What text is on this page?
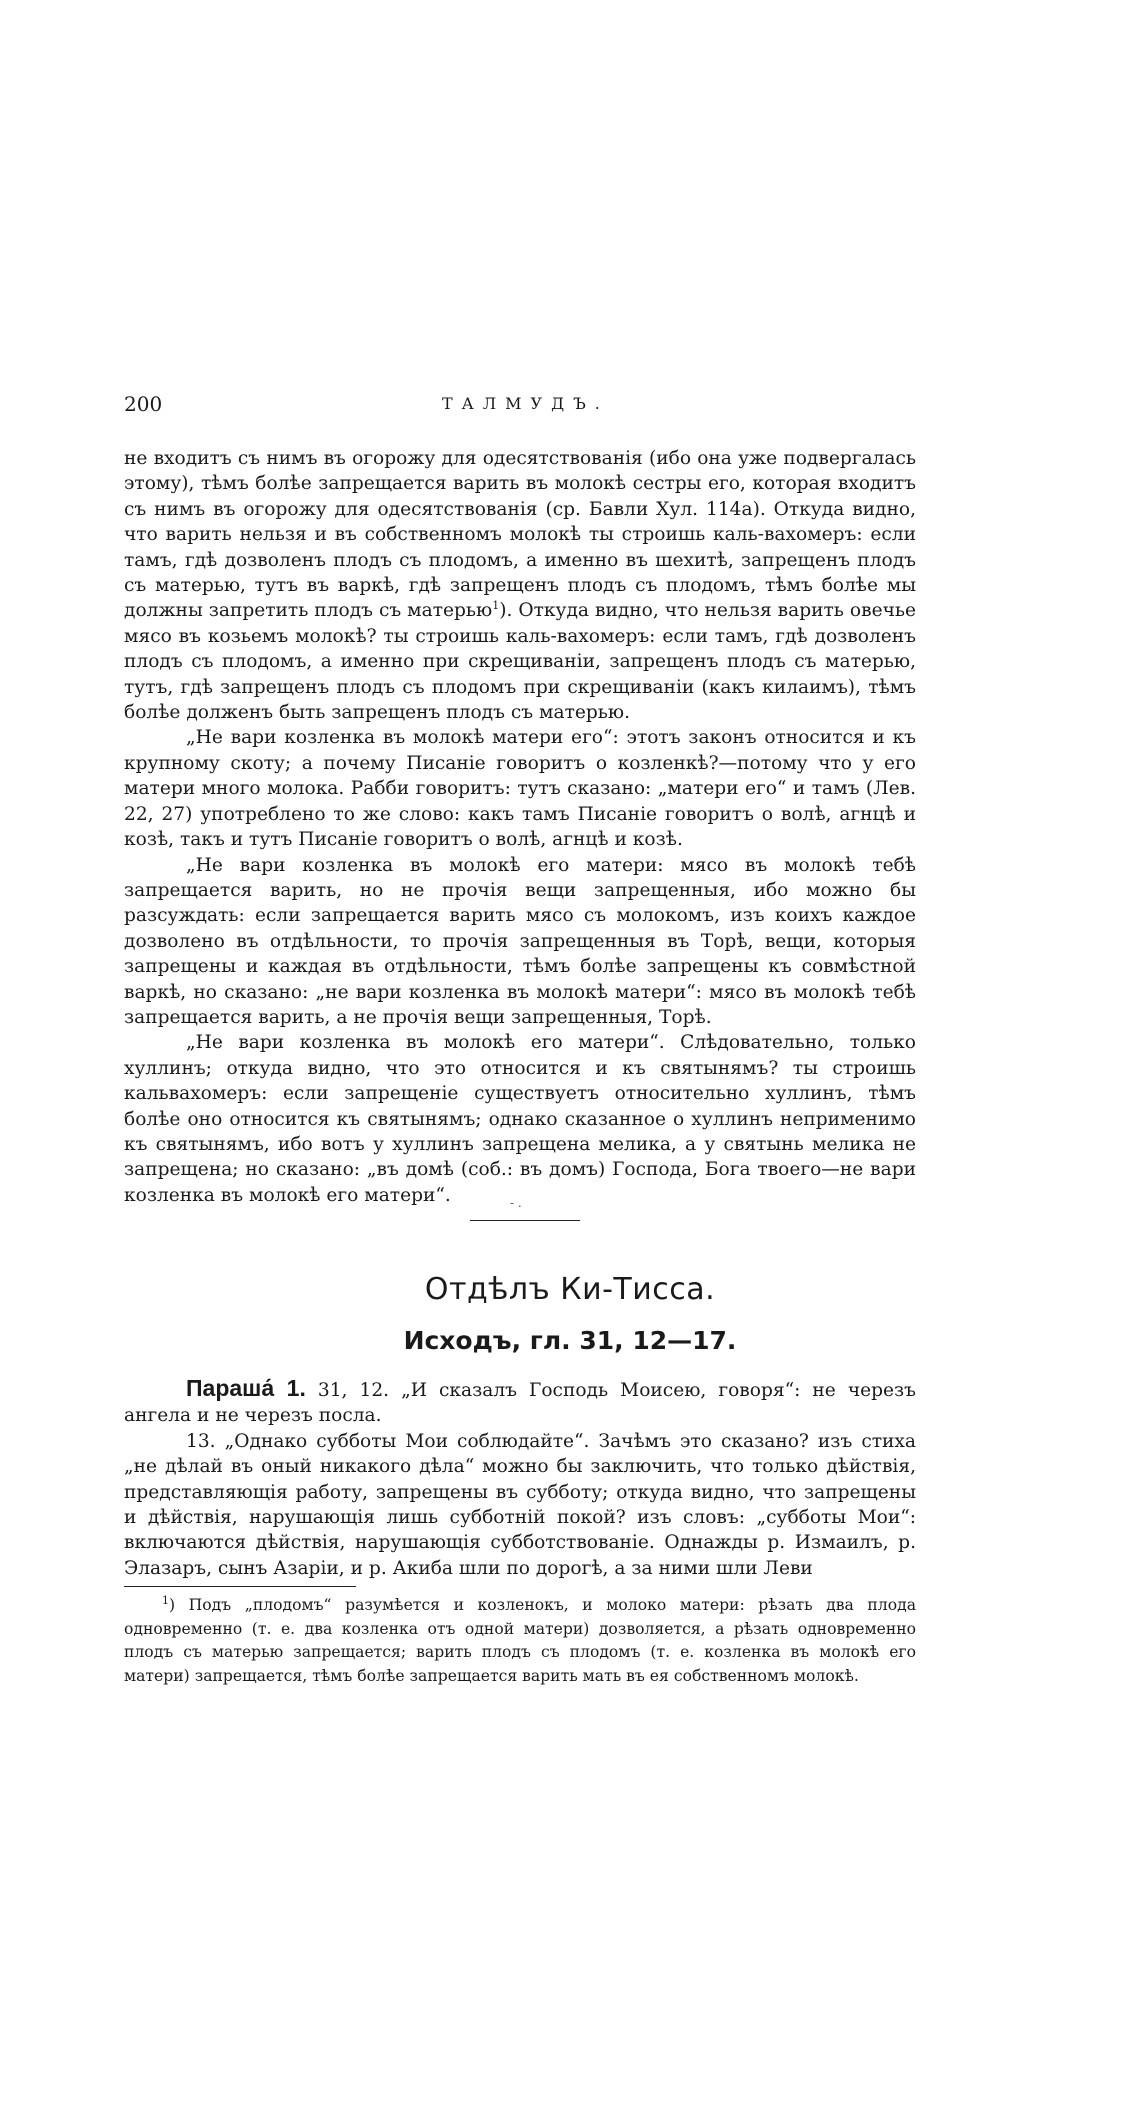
200	ТАЛМУДЪ.

не входитъ съ нимъ въ огорожу для одесятствованія (ибо она уже подвергалась этому), тѣмъ болѣе запрещается варить въ молокѣ сестры его, которая входитъ съ нимъ въ огорожу для одесятствованія (ср. Бавли Хул. 114а). Откуда видно, что варить нельзя и въ собственномъ молокѣ ты строишь каль-вахомеръ: если тамъ, гдѣ дозволенъ плодъ съ плодомъ, а именно въ шехитѣ, запрещенъ плодъ съ матерью, тутъ въ варкѣ, гдѣ запрещенъ плодъ съ плодомъ, тѣмъ болѣе мы должны запретить плодъ съ матерью$^1$). Откуда видно, что нельзя варить овечье мясо въ козьемъ молокѣ? ты строишь каль-вахомеръ: если тамъ, гдѣ дозволенъ плодъ съ плодомъ, а именно при скрещиваніи, запрещенъ плодъ съ матерью, тутъ, гдѣ запрещенъ плодъ съ плодомъ при скрещиваніи (какъ килаимъ), тѣмъ болѣе долженъ быть запрещенъ плодъ съ матерью.

„Не вари козленка въ молокѣ матери его“: этотъ законъ относится и къ крупному скоту; а почему Писаніе говоритъ о козленкѣ?—потому что у его матери много молока. Рабби говоритъ: тутъ сказано: „матери его“ и тамъ (Лев. 22, 27) употреблено то же слово: какъ тамъ Писаніе говоритъ о волѣ, агнцѣ и козѣ, такъ и тутъ Писаніе говоритъ о волѣ, агнцѣ и козѣ.

„Не вари козленка въ молокѣ его матери: мясо въ молокѣ тебѣ запрещается варить, но не прочія вещи запрещенныя, ибо можно бы разсуждать: если запрещается варить мясо съ молокомъ, изъ коихъ каждое дозволено въ отдѣльности, то прочія запрещенныя въ Торѣ, вещи, которыя запрещены и каждая въ отдѣльности, тѣмъ болѣе запрещены къ совмѣстной варкѣ, но сказано: „не вари козленка въ молокѣ матери“: мясо въ молокѣ тебѣ запрещается варить, а не прочія вещи запрещенныя, Торѣ.

„Не вари козленка въ молокѣ его матери“. Слѣдовательно, только хуллинъ; откуда видно, что это относится и къ святынямъ? ты строишь кальвахомеръ: если запрещеніе существуетъ относительно хуллинъ, тѣмъ болѣе оно относится къ святынямъ; однако сказанное о хуллинъ неприменимо къ святынямъ, ибо вотъ у хуллинъ запрещена мелика, а у святынь мелика не запрещена; но сказано: „въ домѣ (соб.: въ домъ) Господа, Бога твоего—не вари козленка въ молокѣ его матери“.	- .
Отдѣлъ Ки-Тисса.
Исходъ, гл. 31, 12—17.

Параша́ 1. 31, 12. „И сказалъ Господь Моисею, говоря“: не черезъ ангела и не черезъ посла.

13. „Однако субботы Мои соблюдайте“. Зачѣмъ это сказано? изъ стиха „не дѣлай въ оный никакого дѣла“ можно бы заключить, что только дѣйствія, представляющія работу, запрещены въ субботу; откуда видно, что запрещены и дѣйствія, нарушающія лишь субботній покой? изъ словъ: „субботы Мои“: включаются дѣйствія, нарушающія субботствованіе. Однажды р. Измаилъ, р. Элазаръ, сынъ Азаріи, и р. Акиба шли по дорогѣ, а за ними шли Леви

$^1$) Подъ „плодомъ“ разумѣется и козленокъ, и молоко матери: рѣзать два плода одновременно (т. е. два козленка отъ одной матери) дозволяется, а рѣзать одновременно плодъ съ матерью запрещается; варить плодъ съ плодомъ (т. е. козленка въ молокѣ его матери) запрещается, тѣмъ болѣе запрещается варить мать въ ея собственномъ молокѣ.
